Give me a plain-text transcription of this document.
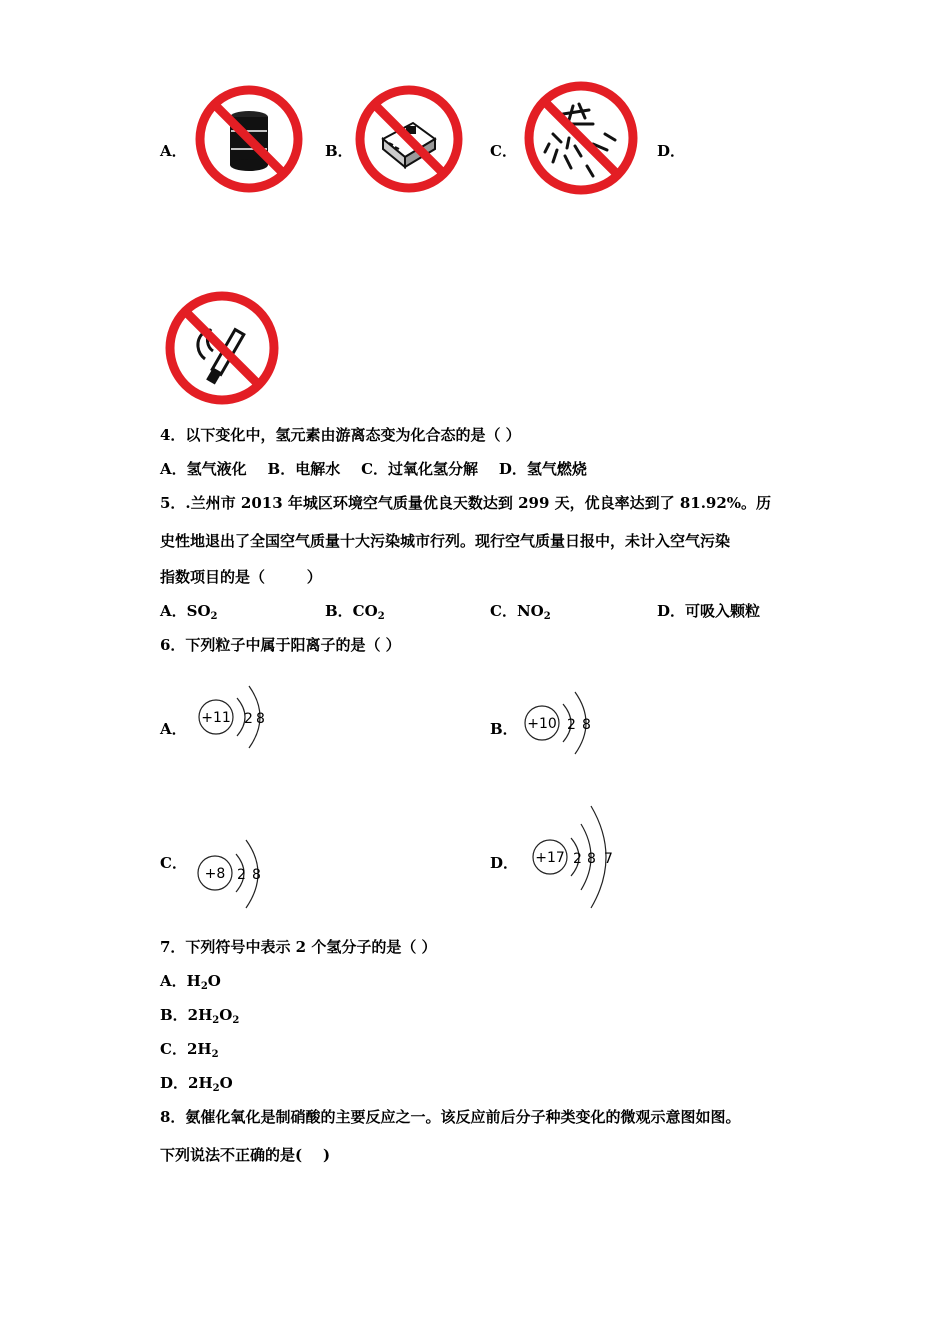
A．	B．	C．	D．
4．以下变化中，氢元素由游离态变为化合态的是（ ）
A．氢气液化    B．电解水    C．过氧化氢分解    D．氢气燃烧
5．.兰州市 2013 年城区环境空气质量优良天数达到 299 天，优良率达到了 81.92%。历
史性地退出了全国空气质量十大污染城市行列。现行空气质量日报中，未计入空气污染
指数项目的是（        ）
A．$SO_2$	B．$CO_2$	C．$NO_2$	D．可吸入颗粒
6．下列粒子中属于阳离子的是（ ）
A．
+11 2 8
B． +10 2 8
C．
+8 2 8
D． +17 2 8 7
7．下列符号中表示 2 个氢分子的是（ ）
A．$H_2O$
B．$2H_2O_2$
C．$2H_2$
D．$2H_2O$
8．氨催化氧化是制硝酸的主要反应之一。该反应前后分子种类变化的微观示意图如图。
下列说法不正确的是(    )
